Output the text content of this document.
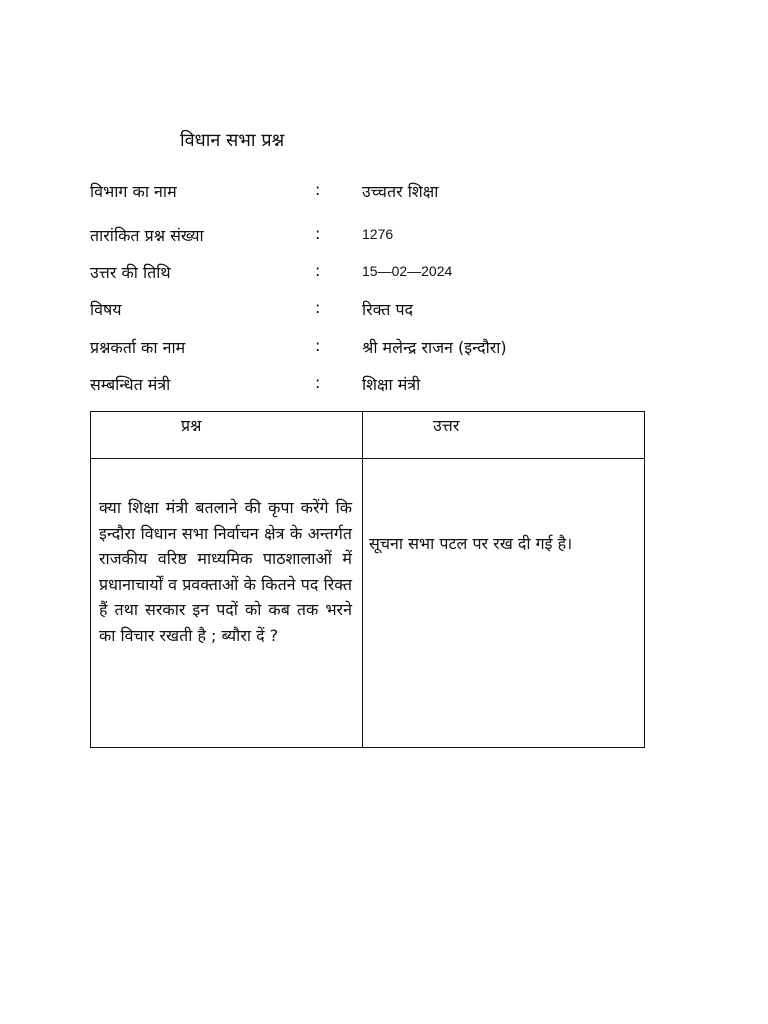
विधान सभा प्रश्न
विभाग का नाम	:	उच्चतर शिक्षा
तारांकित प्रश्न संख्या	:	1276
उत्तर की तिथि	:	15—02—2024
विषय	:	रिक्त पद
प्रश्नकर्ता का नाम	:	श्री मलेन्द्र राजन (इन्दौरा)
सम्बन्धित मंत्री	:	शिक्षा मंत्री
प्रश्न	उत्तर
क्या शिक्षा मंत्री बतलाने की कृपा करेंगे कि इन्दौरा विधान सभा निर्वाचन क्षेत्र के अन्तर्गत राजकीय वरिष्ठ माध्यमिक पाठशालाओं में प्रधानाचार्यों व प्रवक्ताओं के कितने पद रिक्त हैं तथा सरकार इन पदों को कब तक भरने का विचार रखती है ; ब्यौरा दें ?	सूचना सभा पटल पर रख दी गई है।
